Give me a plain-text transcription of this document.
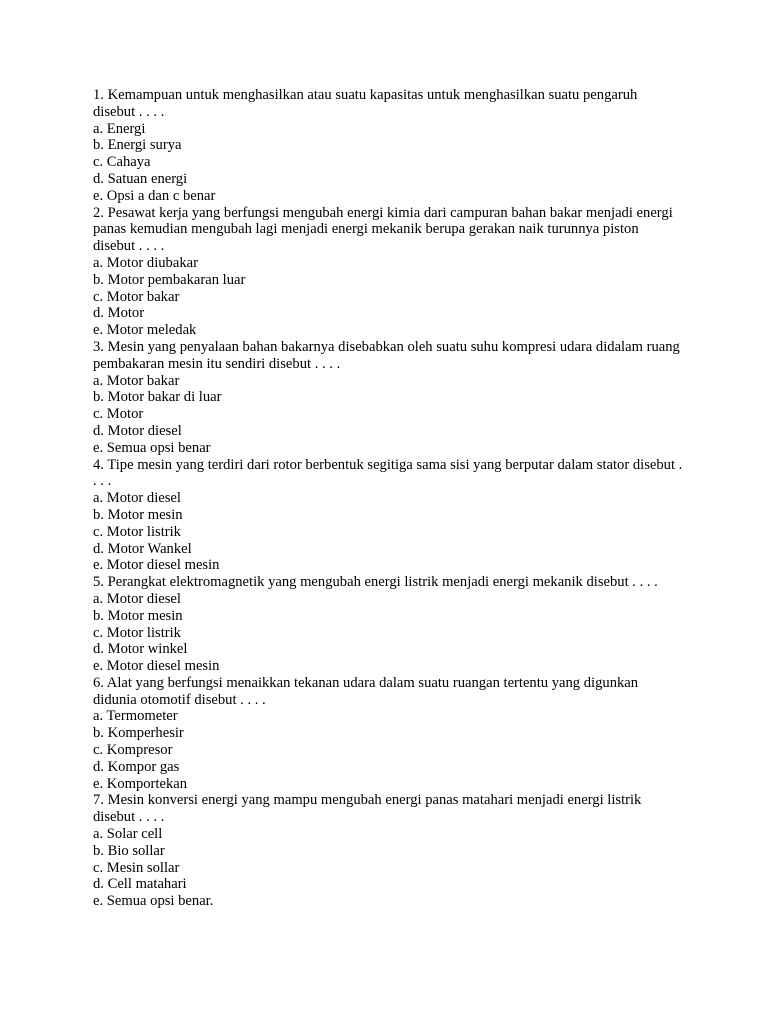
1. Kemampuan untuk menghasilkan atau suatu kapasitas untuk menghasilkan suatu pengaruh disebut . . . .

a. Energi
b. Energi surya
c. Cahaya
d. Satuan energi
e. Opsi a dan c benar

2. Pesawat kerja yang berfungsi mengubah energi kimia dari campuran bahan bakar menjadi energi panas kemudian mengubah lagi menjadi energi mekanik berupa gerakan naik turunnya piston disebut . . . .

a. Motor diubakar
b. Motor pembakaran luar
c. Motor bakar
d. Motor
e. Motor meledak

3. Mesin yang penyalaan bahan bakarnya disebabkan oleh suatu suhu kompresi udara didalam ruang pembakaran mesin itu sendiri disebut . . . .

a. Motor bakar
b. Motor bakar di luar
c. Motor
d. Motor diesel
e. Semua opsi benar

4. Tipe mesin yang terdiri dari rotor berbentuk segitiga sama sisi yang berputar dalam stator disebut . . . .

a. Motor diesel
b. Motor mesin
c. Motor listrik
d. Motor Wankel
e. Motor diesel mesin

5. Perangkat elektromagnetik yang mengubah energi listrik menjadi energi mekanik disebut . . . .

a. Motor diesel
b. Motor mesin
c. Motor listrik
d. Motor winkel
e. Motor diesel mesin

6. Alat yang berfungsi menaikkan tekanan udara dalam suatu ruangan tertentu yang digunkan didunia otomotif disebut . . . .

a. Termometer
b. Komperhesir
c. Kompresor
d. Kompor gas
e. Komportekan

7. Mesin konversi energi yang mampu mengubah energi panas matahari menjadi energi listrik disebut . . . .

a. Solar cell
b. Bio sollar
c. Mesin sollar
d. Cell matahari
e. Semua opsi benar.
